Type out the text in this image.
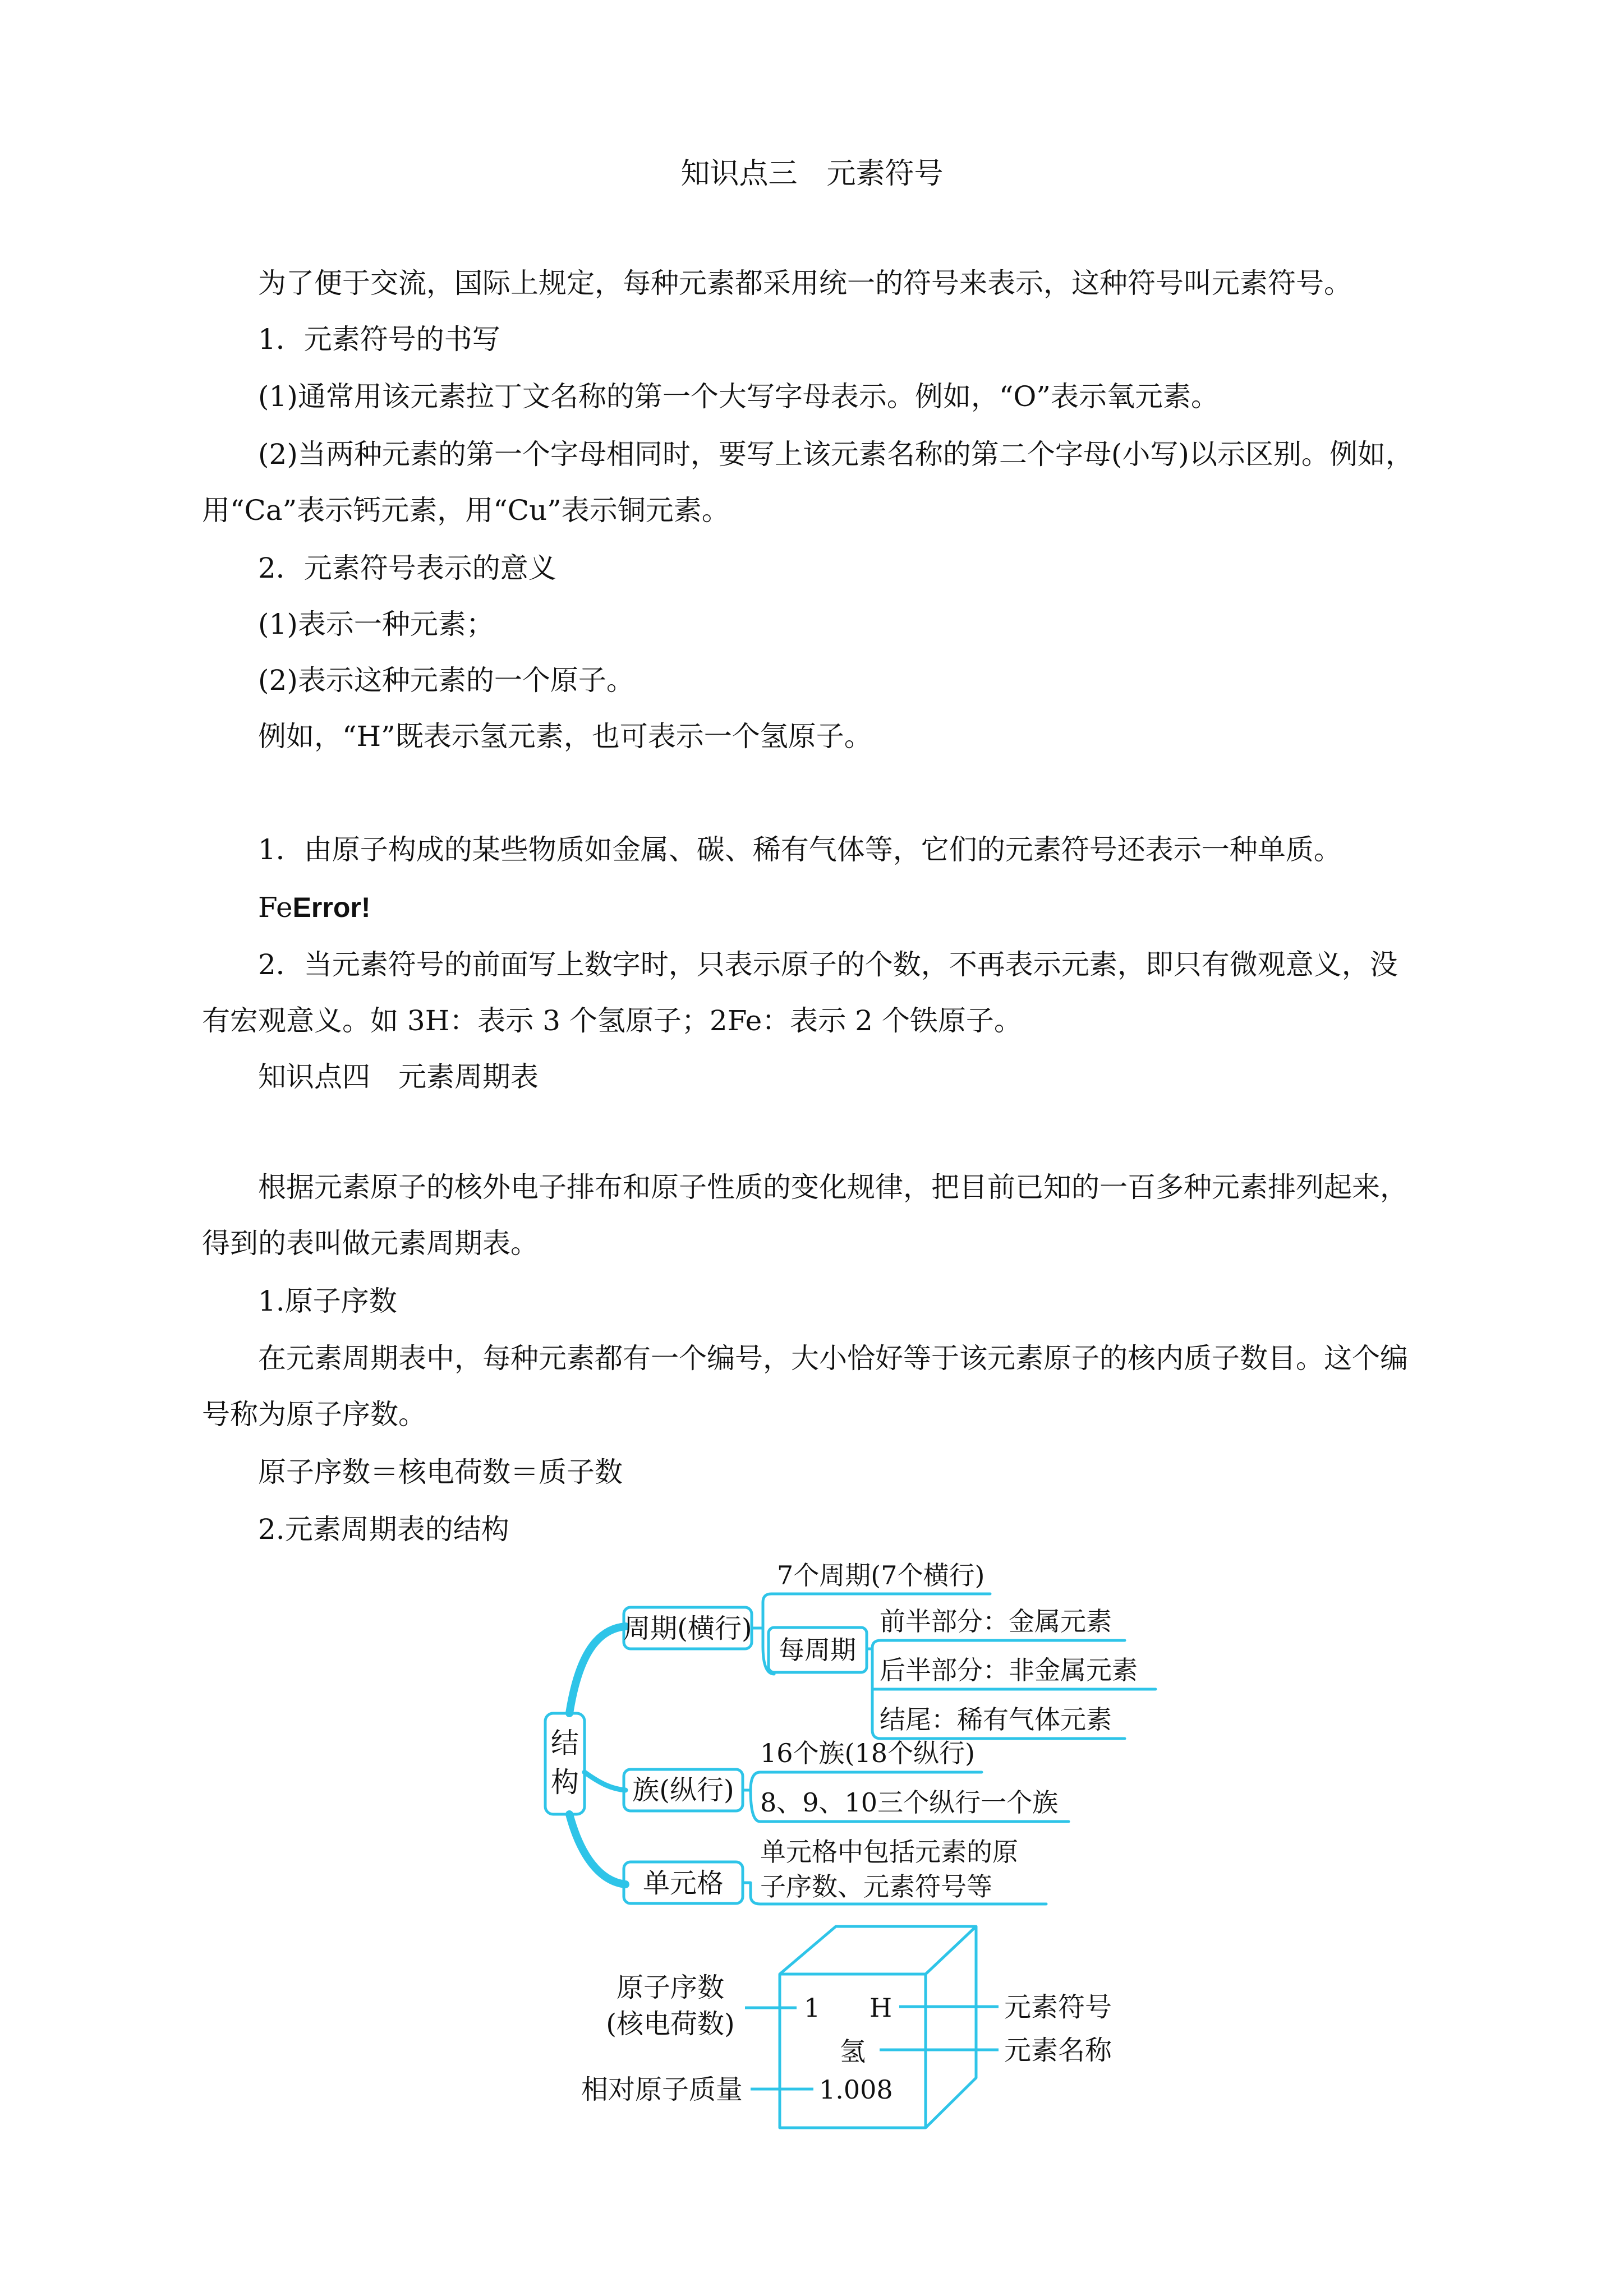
知识点三　元素符号
为了便于交流，国际上规定，每种元素都采用统一的符号来表示，这种符号叫元素符号。
1．元素符号的书写
(1)通常用该元素拉丁文名称的第一个大写字母表示。例如，“O”表示氧元素。
(2)当两种元素的第一个字母相同时，要写上该元素名称的第二个字母(小写)以示区别。例如，
用“Ca”表示钙元素，用“Cu”表示铜元素。
2．元素符号表示的意义
(1)表示一种元素；
(2)表示这种元素的一个原子。
例如，“H”既表示氢元素，也可表示一个氢原子。
1．由原子构成的某些物质如金属、碳、稀有气体等，它们的元素符号还表示一种单质。
FeError!
2．当元素符号的前面写上数字时，只表示原子的个数，不再表示元素，即只有微观意义，没
有宏观意义。如 3H：表示 3 个氢原子；2Fe：表示 2 个铁原子。
知识点四　元素周期表
根据元素原子的核外电子排布和原子性质的变化规律，把目前已知的一百多种元素排列起来，
得到的表叫做元素周期表。
1.原子序数
在元素周期表中，每种元素都有一个编号，大小恰好等于该元素原子的核内质子数目。这个编
号称为原子序数。
原子序数＝核电荷数＝质子数
2.元素周期表的结构
结
构
周期(横行)
7个周期(7个横行)
每周期
前半部分：金属元素
后半部分：非金属元素
结尾：稀有气体元素
族(纵行)
16个族(18个纵行)
8、9、10三个纵行一个族
单元格
单元格中包括元素的原
子序数、元素符号等
原子序数
(核电荷数)
相对原子质量
1 H
氢
1.008
元素符号
元素名称
